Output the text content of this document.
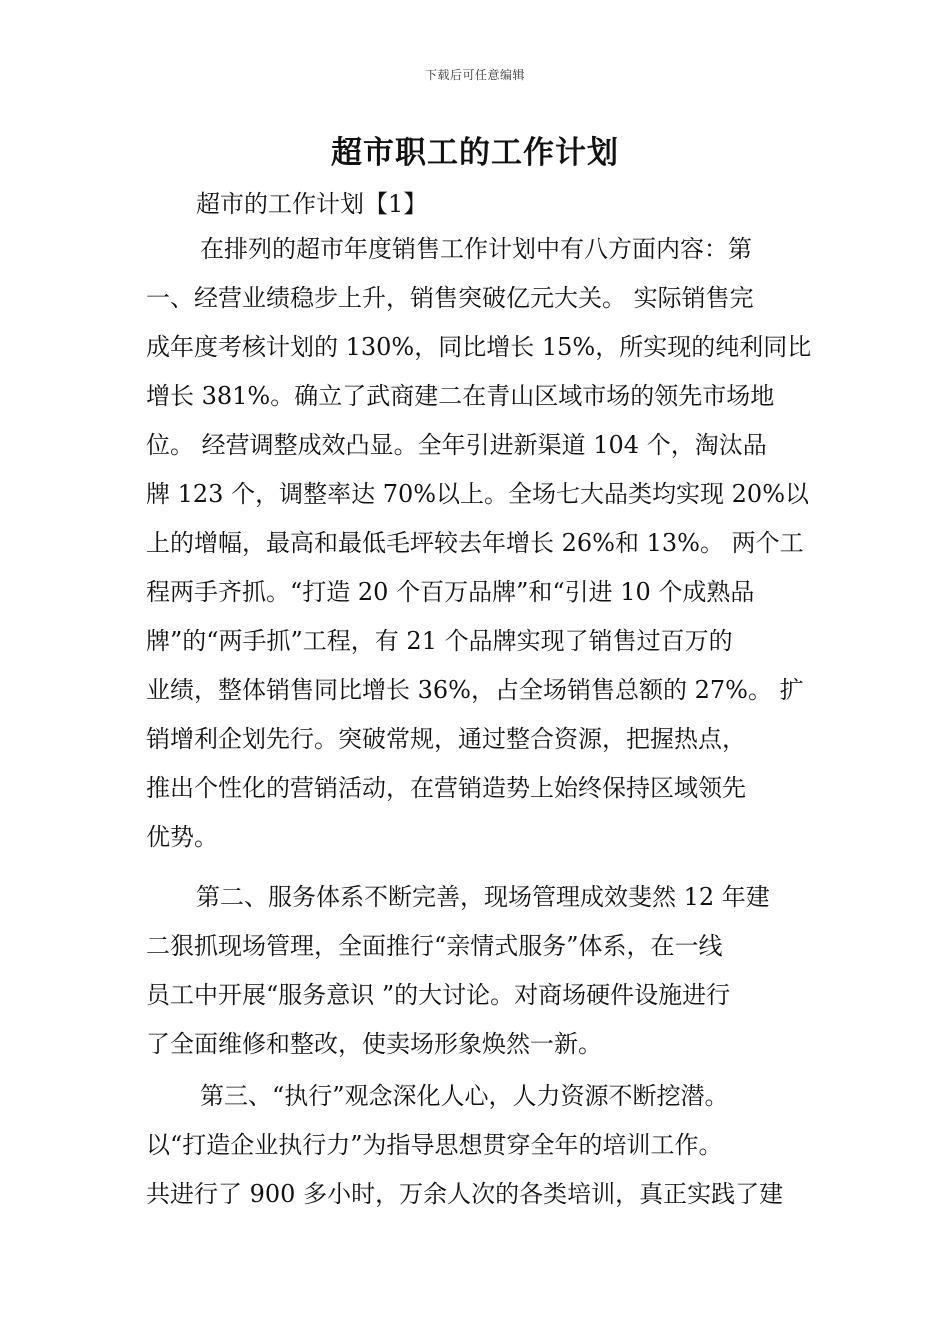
下载后可任意编辑
超市职工的工作计划

超市的工作计划【1】

在排列的超市年度销售工作计划中有八方面内容：第
一、经营业绩稳步上升，销售突破亿元大关。 实际销售完
成年度考核计划的 130%，同比增长 15%，所实现的纯利同比
增长 381%。确立了武商建二在青山区域市场的领先市场地
位。 经营调整成效凸显。全年引进新渠道 104 个，淘汰品
牌 123 个，调整率达 70%以上。全场七大品类均实现 20%以
上的增幅，最高和最低毛坪较去年增长 26%和 13%。 两个工
程两手齐抓。“打造 20 个百万品牌”和“引进 10 个成熟品
牌”的“两手抓”工程，有 21 个品牌实现了销售过百万的
业绩，整体销售同比增长 36%，占全场销售总额的 27%。 扩
销增利企划先行。突破常规，通过整合资源，把握热点，
推出个性化的营销活动，在营销造势上始终保持区域领先
优势。
第二、服务体系不断完善，现场管理成效斐然 12 年建
二狠抓现场管理，全面推行“亲情式服务”体系，在一线
员工中开展“服务意识 ”的大讨论。对商场硬件设施进行
了全面维修和整改，使卖场形象焕然一新。
第三、“执行”观念深化人心，人力资源不断挖潜。
以“打造企业执行力”为指导思想贯穿全年的培训工作。
共进行了 900 多小时，万余人次的各类培训，真正实践了建
